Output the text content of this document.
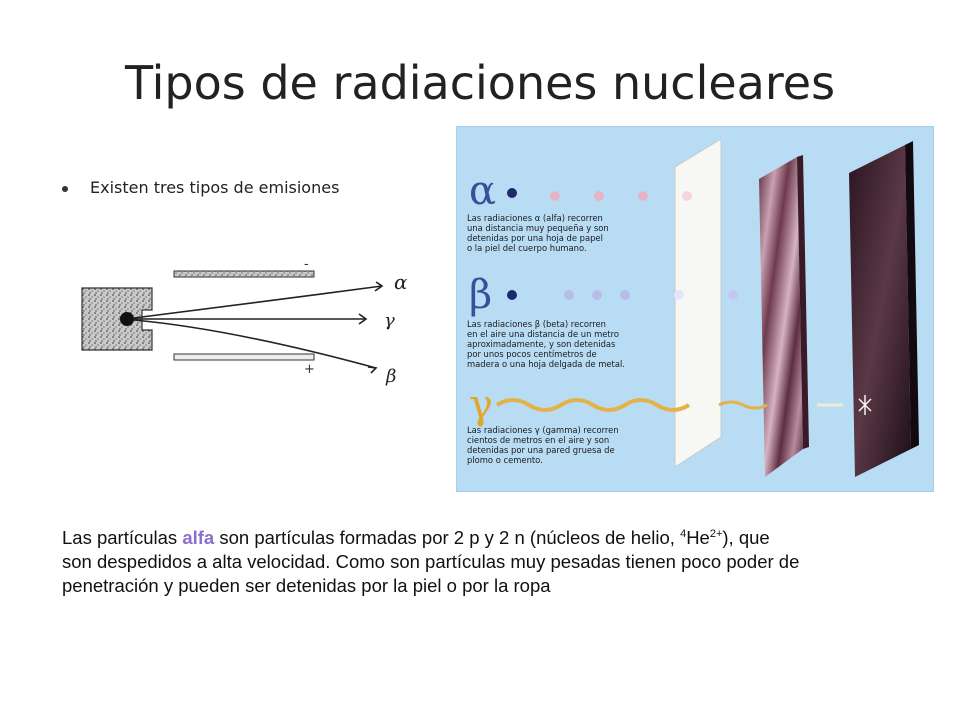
Tipos de radiaciones nucleares
Existen tres tipos de emisiones
-
+
α
γ
β
α
Las radiaciones α (alfa) recorren
una distancia muy pequeña y son
detenidas por una hoja de papel
o la piel del cuerpo humano.
β
Las radiaciones β (beta) recorren
en el aire una distancia de un metro
aproximadamente, y son detenidas
por unos pocos centímetros de
madera o una hoja delgada de metal.
γ
Las radiaciones γ (gamma) recorren
cientos de metros en el aire y son
detenidas por una pared gruesa de
plomo o cemento.
Las partículas alfa son partículas formadas por 2 p y 2 n (núcleos de helio, $^4He^{2+}$), que son despedidos a alta velocidad. Como son partículas muy pesadas tienen poco poder de penetración y pueden ser detenidas por la piel o por la ropa
